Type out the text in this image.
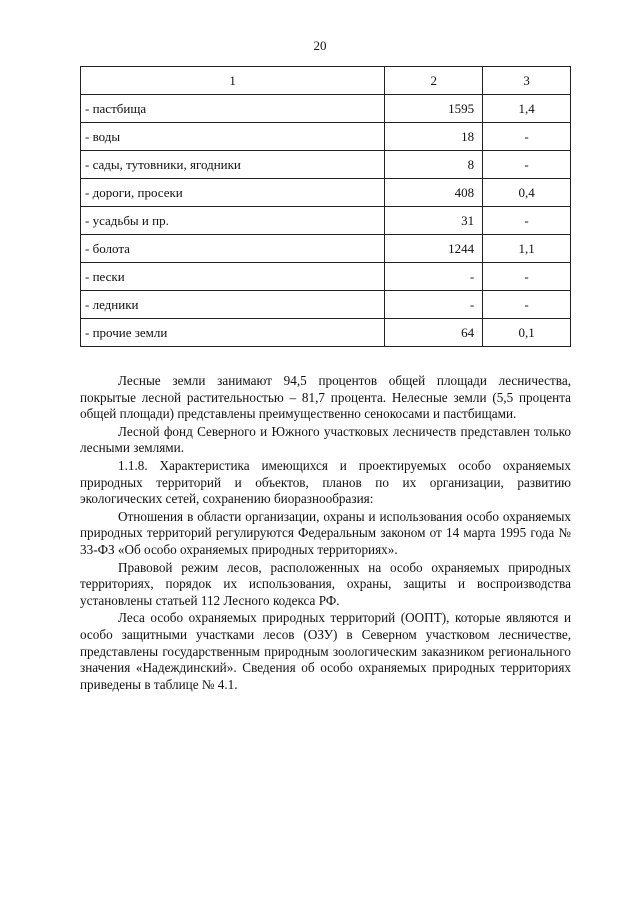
20
1	2	3
- пастбища	1595	1,4
- воды	18	-
- сады, тутовники, ягодники	8	-
- дороги, просеки	408	0,4
- усадьбы и пр.	31	-
- болота	1244	1,1
- пески	-	-
- ледники	-	-
- прочие земли	64	0,1

Лесные земли занимают 94,5 процентов общей площади лесничества, покрытые лесной растительностью – 81,7 процента. Нелесные земли (5,5 процента общей площади) представлены преимущественно сенокосами и пастбищами.

Лесной фонд Северного и Южного участковых лесничеств представлен только лесными землями.

1.1.8. Характеристика имеющихся и проектируемых особо охраняемых природных территорий и объектов, планов по их организации, развитию экологических сетей, сохранению биоразнообразия:

Отношения в области организации, охраны и использования особо охраняемых природных территорий регулируются Федеральным законом от 14 марта 1995 года № 33-ФЗ «Об особо охраняемых природных территориях».

Правовой режим лесов, расположенных на особо охраняемых природных территориях, порядок их использования, охраны, защиты и воспроизводства установлены статьей 112 Лесного кодекса РФ.

Леса особо охраняемых природных территорий (ООПТ), которые являются и особо защитными участками лесов (ОЗУ) в Северном участковом лесничестве, представлены государственным природным зоологическим заказником регионального значения «Надеждинский». Сведения об особо охраняемых природных территориях приведены в таблице № 4.1.
